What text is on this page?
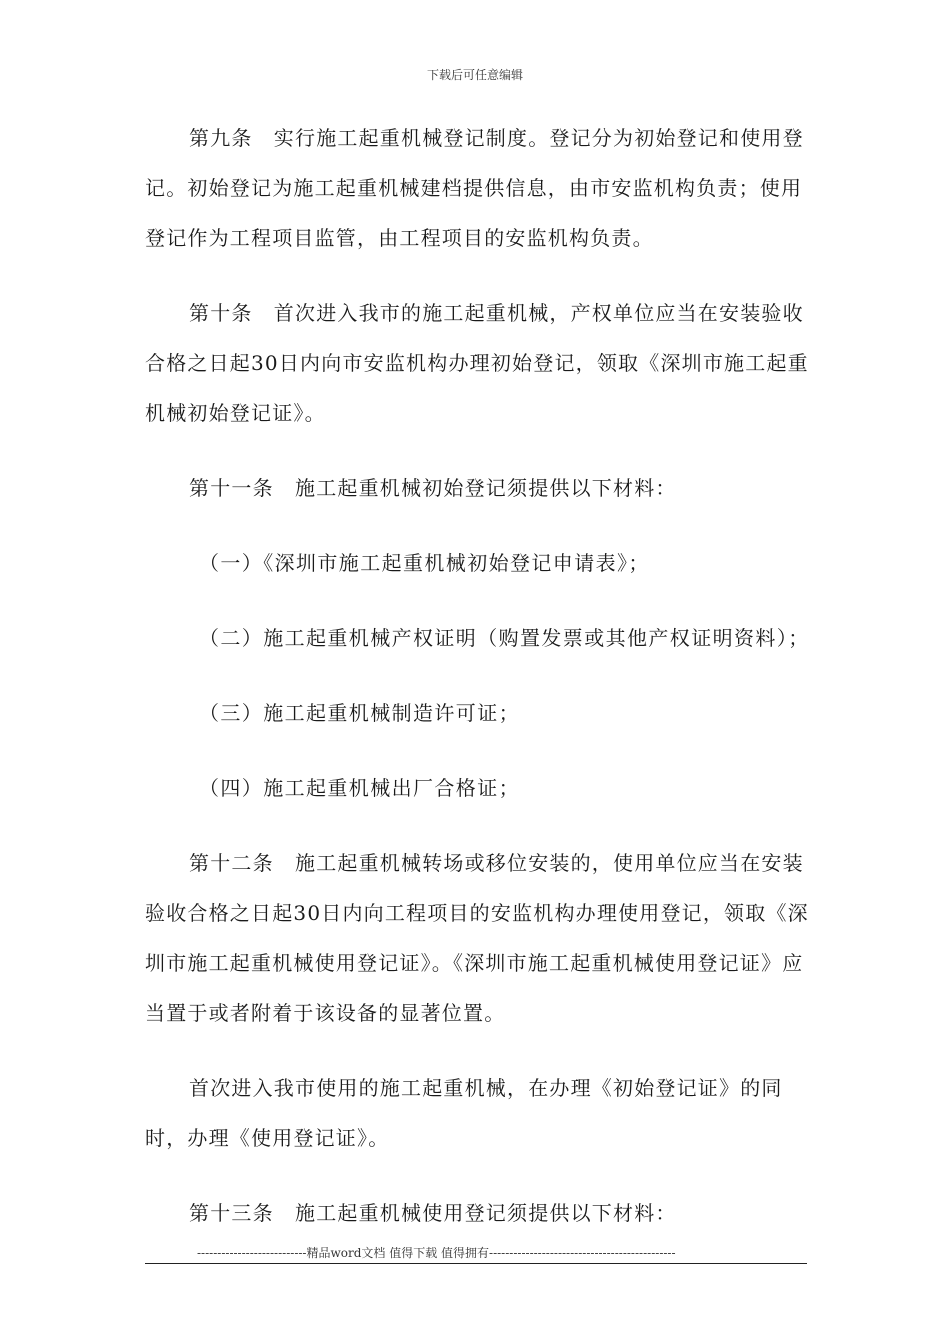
下载后可任意编辑

第九条　实行施工起重机械登记制度。登记分为初始登记和使用登记。初始登记为施工起重机械建档提供信息，由市安监机构负责；使用登记作为工程项目监管，由工程项目的安监机构负责。

第十条　首次进入我市的施工起重机械，产权单位应当在安装验收合格之日起30日内向市安监机构办理初始登记，领取《深圳市施工起重机械初始登记证》。

第十一条　施工起重机械初始登记须提供以下材料：

（一）《深圳市施工起重机械初始登记申请表》；

（二）施工起重机械产权证明（购置发票或其他产权证明资料）；

（三）施工起重机械制造许可证；

（四）施工起重机械出厂合格证；

第十二条　施工起重机械转场或移位安装的，使用单位应当在安装验收合格之日起30日内向工程项目的安监机构办理使用登记，领取《深圳市施工起重机械使用登记证》。《深圳市施工起重机械使用登记证》应当置于或者附着于该设备的显著位置。

首次进入我市使用的施工起重机械，在办理《初始登记证》的同时，办理《使用登记证》。

第十三条　施工起重机械使用登记须提供以下材料：

---------------------------精品word文档 值得下载 值得拥有----------------------------------------------
